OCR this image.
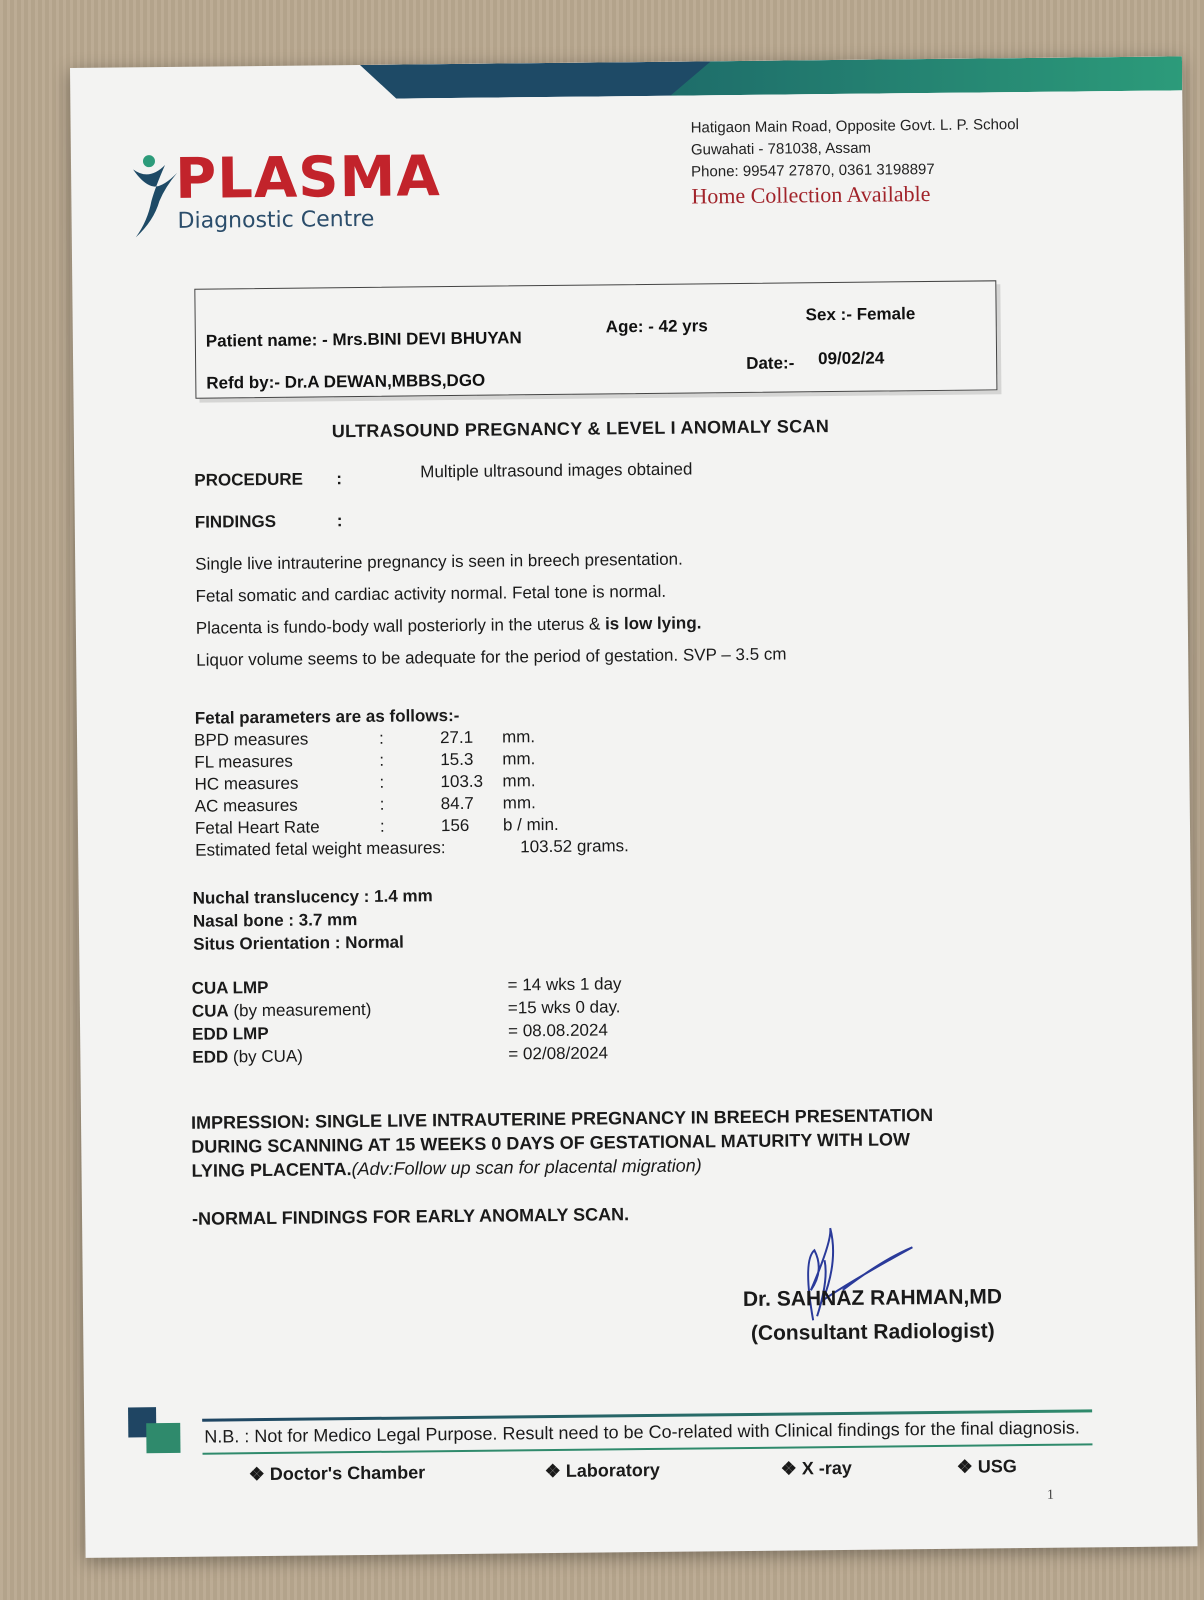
PLASMA
Diagnostic Centre
Hatigaon Main Road, Opposite Govt. L. P. School
Guwahati - 781038, Assam
Phone: 99547 27870, 0361 3198897
Home Collection Available
Patient name: - Mrs.BINI DEVI BHUYAN
Age: - 42 yrs
Sex :- Female
Refd by:- Dr.A DEWAN,MBBS,DGO
Date:- 09/02/24
ULTRASOUND PREGNANCY & LEVEL I ANOMALY SCAN
PROCEDURE :	Multiple ultrasound images obtained
FINDINGS	:
Single live intrauterine pregnancy is seen in breech presentation.
Fetal somatic and cardiac activity normal. Fetal tone is normal.
Placenta is fundo-body wall posteriorly in the uterus & is low lying.
Liquor volume seems to be adequate for the period of gestation. SVP – 3.5 cm
Fetal parameters are as follows:-
BPD measures	:	27.1 mm.
FL measures	:	15.3 mm.
HC measures	:	103.3 mm.
AC measures	:	84.7 mm.
Fetal Heart Rate	:	156 b / min.
Estimated fetal weight measures:	103.52 grams.
Nuchal translucency : 1.4 mm
Nasal bone : 3.7 mm
Situs Orientation : Normal
CUA LMP	= 14 wks 1 day
CUA (by measurement)	=15 wks 0 day.
EDD LMP	= 08.08.2024
EDD (by CUA)	= 02/08/2024
IMPRESSION: SINGLE LIVE INTRAUTERINE PREGNANCY IN BREECH PRESENTATION
DURING SCANNING AT 15 WEEKS 0 DAYS OF GESTATIONAL MATURITY WITH LOW
LYING PLACENTA.(Adv:Follow up scan for placental migration)
-NORMAL FINDINGS FOR EARLY ANOMALY SCAN.
Dr. SAHNAZ RAHMAN,MD
(Consultant Radiologist)
N.B. : Not for Medico Legal Purpose. Result need to be Co-related with Clinical findings for the final diagnosis.
❖ Doctor's Chamber	❖ Laboratory	❖ X -ray	❖ USG
1
